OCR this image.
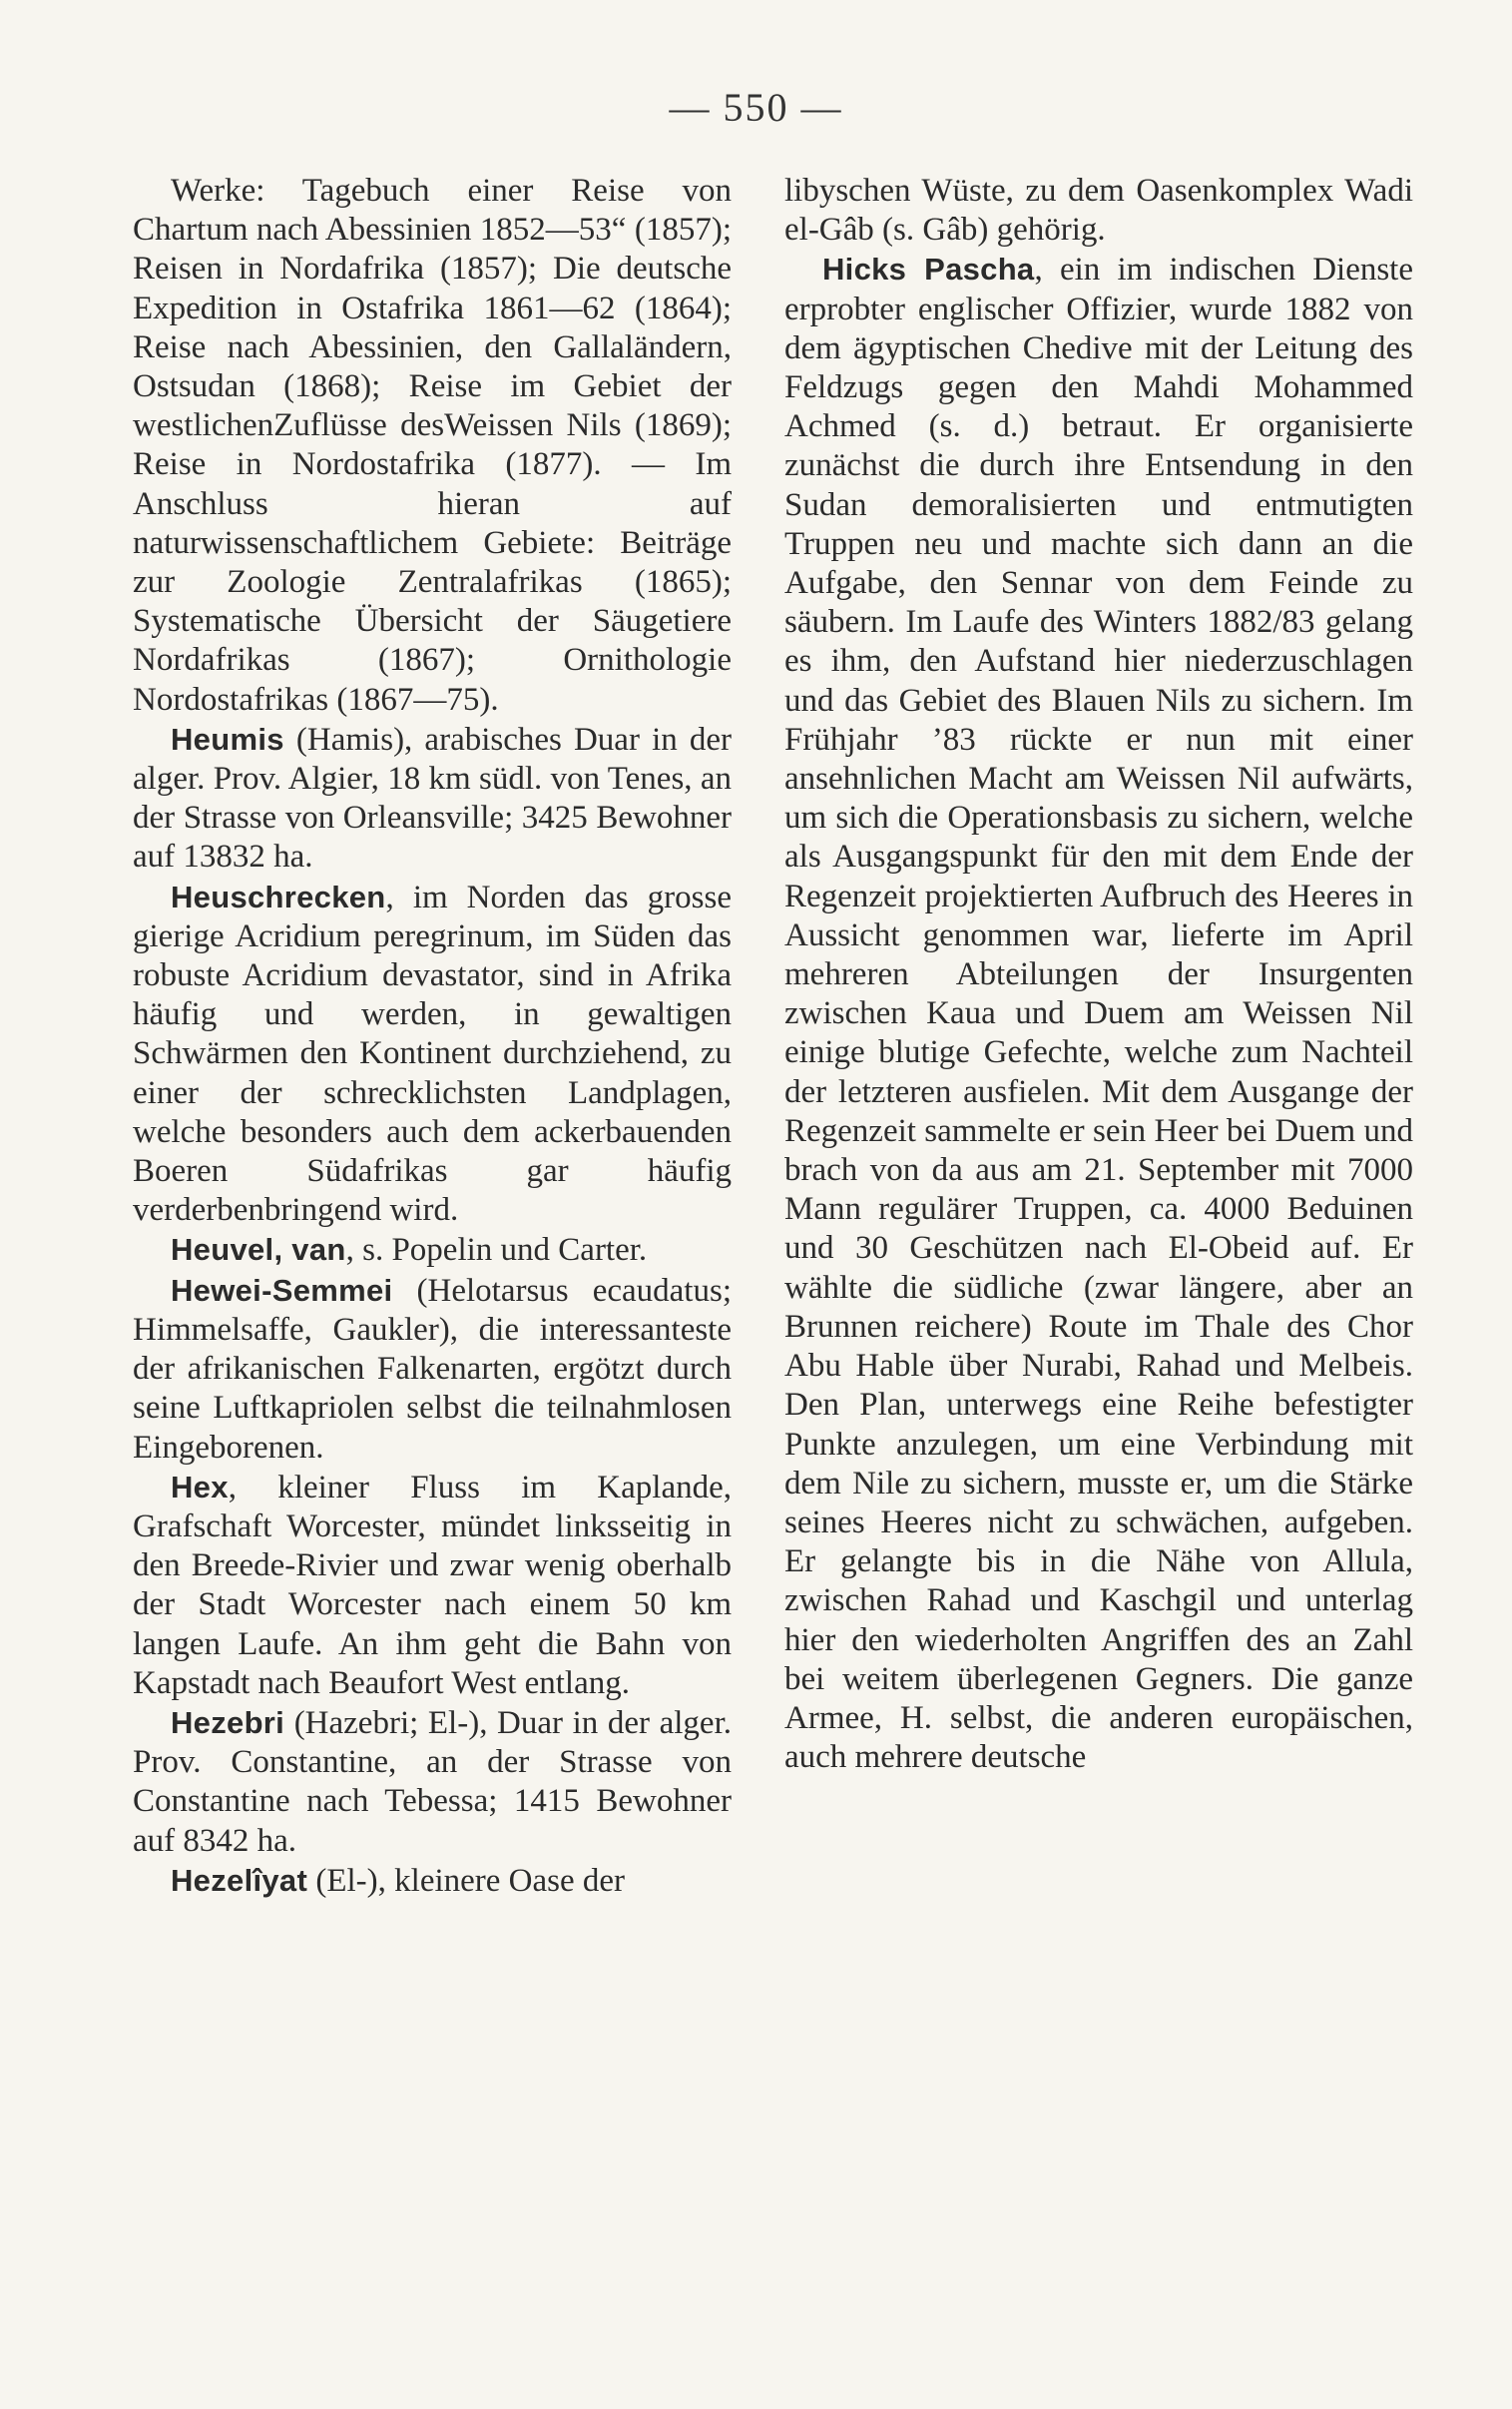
— 550 —

Werke: Tagebuch einer Reise von Chartum nach Abessinien 1852—53“ (1857); Reisen in Nordafrika (1857); Die deutsche Expedition in Ostafrika 1861—62 (1864); Reise nach Abessinien, den Gallaländern, Ostsudan (1868); Reise im Gebiet der westlichenZuflüsse desWeissen Nils (1869); Reise in Nordostafrika (1877). — Im Anschluss hieran auf naturwissenschaftlichem Gebiete: Beiträge zur Zoologie Zentralafrikas (1865); Systematische Übersicht der Säugetiere Nordafrikas (1867); Ornithologie Nordostafrikas (1867—75).

Heumis (Hamis), arabisches Duar in der alger. Prov. Algier, 18 km südl. von Tenes, an der Strasse von Orleansville; 3425 Bewohner auf 13832 ha.

Heuschrecken, im Norden das grosse gierige Acridium peregrinum, im Süden das robuste Acridium devastator, sind in Afrika häufig und werden, in gewaltigen Schwärmen den Kontinent durchziehend, zu einer der schrecklichsten Landplagen, welche besonders auch dem ackerbauenden Boeren Südafrikas gar häufig verderbenbringend wird.

Heuvel, van, s. Popelin und Carter.

Hewei-Semmei (Helotarsus ecaudatus; Himmelsaffe, Gaukler), die interessanteste der afrikanischen Falkenarten, ergötzt durch seine Luftkapriolen selbst die teilnahmlosen Eingeborenen.

Hex, kleiner Fluss im Kaplande, Grafschaft Worcester, mündet linksseitig in den Breede-Rivier und zwar wenig oberhalb der Stadt Worcester nach einem 50 km langen Laufe. An ihm geht die Bahn von Kapstadt nach Beaufort West entlang.

Hezebri (Hazebri; El-), Duar in der alger. Prov. Constantine, an der Strasse von Constantine nach Tebessa; 1415 Bewohner auf 8342 ha.

Hezelîyat (El-), kleinere Oase der

libyschen Wüste, zu dem Oasenkomplex Wadi el-Gâb (s. Gâb) gehörig.

Hicks Pascha, ein im indischen Dienste erprobter englischer Offizier, wurde 1882 von dem ägyptischen Chedive mit der Leitung des Feldzugs gegen den Mahdi Mohammed Achmed (s. d.) betraut. Er organisierte zunächst die durch ihre Entsendung in den Sudan demoralisierten und entmutigten Truppen neu und machte sich dann an die Aufgabe, den Sennar von dem Feinde zu säubern. Im Laufe des Winters 1882/83 gelang es ihm, den Aufstand hier niederzuschlagen und das Gebiet des Blauen Nils zu sichern. Im Frühjahr ’83 rückte er nun mit einer ansehnlichen Macht am Weissen Nil aufwärts, um sich die Operationsbasis zu sichern, welche als Ausgangspunkt für den mit dem Ende der Regenzeit projektierten Aufbruch des Heeres in Aussicht genommen war, lieferte im April mehreren Abteilungen der Insurgenten zwischen Kaua und Duem am Weissen Nil einige blutige Gefechte, welche zum Nachteil der letzteren ausfielen. Mit dem Ausgange der Regenzeit sammelte er sein Heer bei Duem und brach von da aus am 21. September mit 7000 Mann regulärer Truppen, ca. 4000 Beduinen und 30 Geschützen nach El-Obeid auf. Er wählte die südliche (zwar längere, aber an Brunnen reichere) Route im Thale des Chor Abu Hable über Nurabi, Rahad und Melbeis. Den Plan, unterwegs eine Reihe befestigter Punkte anzulegen, um eine Verbindung mit dem Nile zu sichern, musste er, um die Stärke seines Heeres nicht zu schwächen, aufgeben. Er gelangte bis in die Nähe von Allula, zwischen Rahad und Kaschgil und unterlag hier den wiederholten Angriffen des an Zahl bei weitem überlegenen Gegners. Die ganze Armee, H. selbst, die anderen europäischen, auch mehrere deutsche
